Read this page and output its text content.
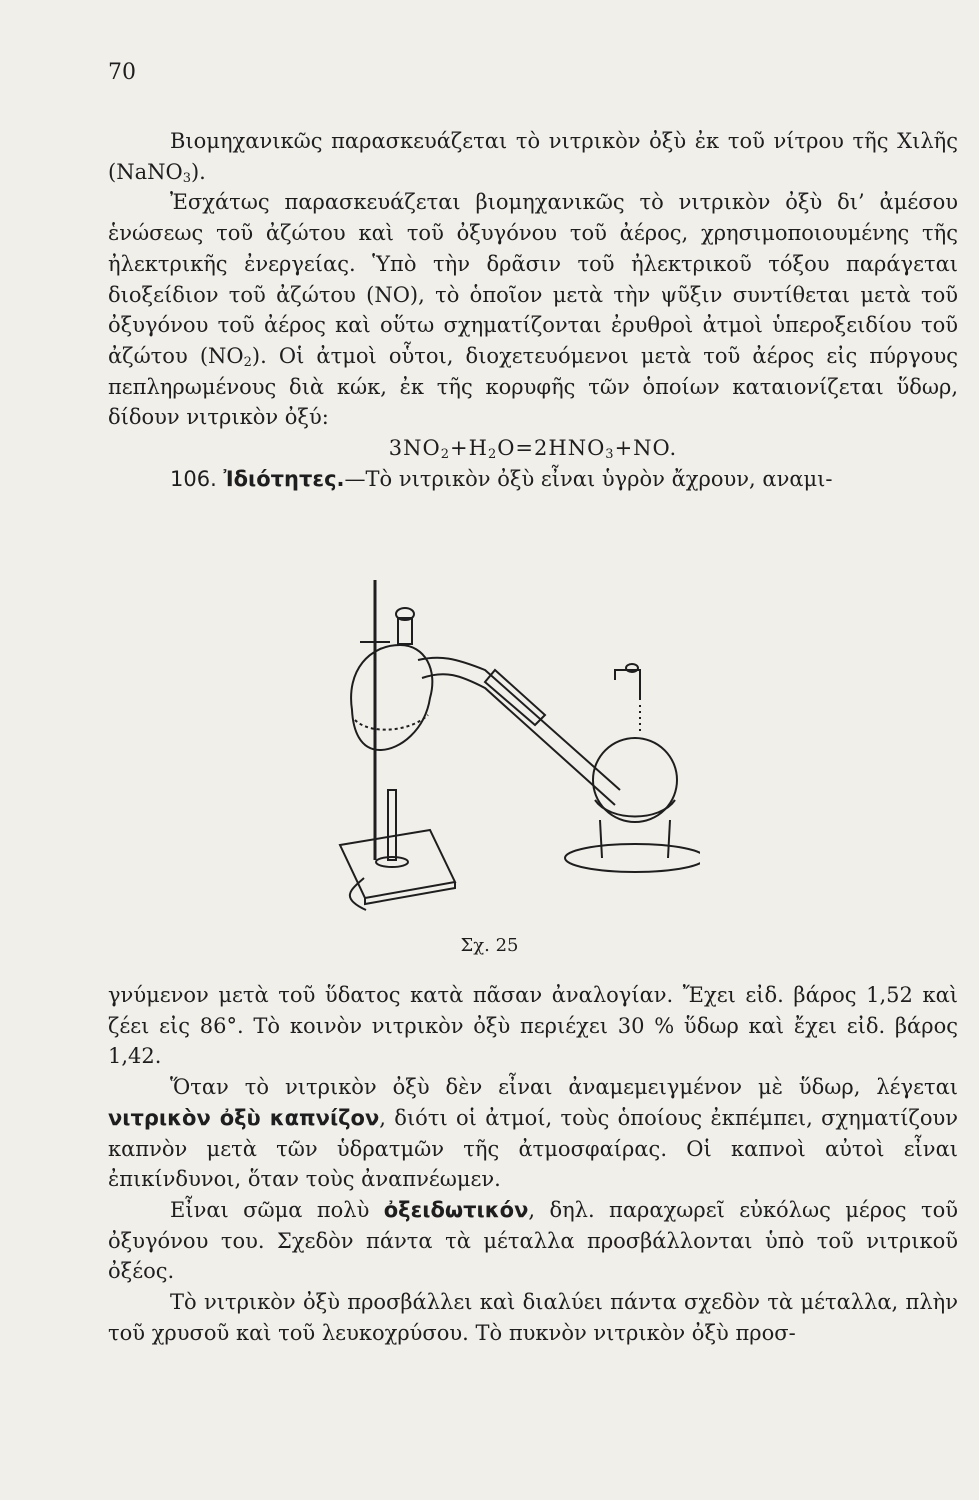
70

Βιομηχανικῶς παρασκευάζεται τὸ νιτρικὸν ὀξὺ ἐκ τοῦ νίτρου τῆς Χιλῆς (NaNO$_3$).

Ἐσχάτως παρασκευάζεται βιομηχανικῶς τὸ νιτρικὸν ὀξὺ δι’ ἀμέσου ἑνώσεως τοῦ ἀζώτου καὶ τοῦ ὀξυγόνου τοῦ ἀέρος, χρησιμοποιουμένης τῆς ἠλεκτρικῆς ἐνεργείας. Ὑπὸ τὴν δρᾶσιν τοῦ ἠλεκτρικοῦ τόξου παράγεται διοξείδιον τοῦ ἀζώτου (NO), τὸ ὁποῖον μετὰ τὴν ψῦξιν συντίθεται μετὰ τοῦ ὀξυγόνου τοῦ ἀέρος καὶ οὕτω σχηματίζονται ἐρυθροὶ ἀτμοὶ ὑπεροξειδίου τοῦ ἀζώτου $(NO_2)$. Οἱ ἀτμοὶ οὗτοι, διοχετευόμενοι μετὰ τοῦ ἀέρος εἰς πύργους πεπληρωμένους διὰ κώκ, ἐκ τῆς κορυφῆς τῶν ὁποίων καταιονίζεται ὕδωρ, δίδουν νιτρικὸν ὀξύ:

$3NO_2+H_2O=2HNO_3+NO$.

106. Ἰδιότητες.—Τὸ νιτρικὸν ὀξὺ εἶναι ὑγρὸν ἄχρουν, αναμι-

Σχ. 25

γνύμενον μετὰ τοῦ ὕδατος κατὰ πᾶσαν ἀναλογίαν. Ἔχει εἰδ. βάρος 1,52 καὶ ζέει εἰς 86°. Τὸ κοινὸν νιτρικὸν ὀξὺ περιέχει 30 % ὕδωρ καὶ ἔχει εἰδ. βάρος 1,42.

Ὅταν τὸ νιτρικὸν ὀξὺ δὲν εἶναι ἀναμεμειγμένον μὲ ὕδωρ, λέγεται νιτρικὸν ὀξὺ καπνίζον, διότι οἱ ἀτμοί, τοὺς ὁποίους ἐκπέμπει, σχηματίζουν καπνὸν μετὰ τῶν ὑδρατμῶν τῆς ἀτμοσφαίρας. Οἱ καπνοὶ αὐτοὶ εἶναι ἐπικίνδυνοι, ὅταν τοὺς ἀναπνέωμεν.

Εἶναι σῶμα πολὺ ὀξειδωτικόν, δηλ. παραχωρεῖ εὐκόλως μέρος τοῦ ὀξυγόνου του. Σχεδὸν πάντα τὰ μέταλλα προσβάλλονται ὑπὸ τοῦ νιτρικοῦ ὀξέος.

Τὸ νιτρικὸν ὀξὺ προσβάλλει καὶ διαλύει πάντα σχεδὸν τὰ μέταλλα, πλὴν τοῦ χρυσοῦ καὶ τοῦ λευκοχρύσου. Τὸ πυκνὸν νιτρικὸν ὀξὺ προσ-
